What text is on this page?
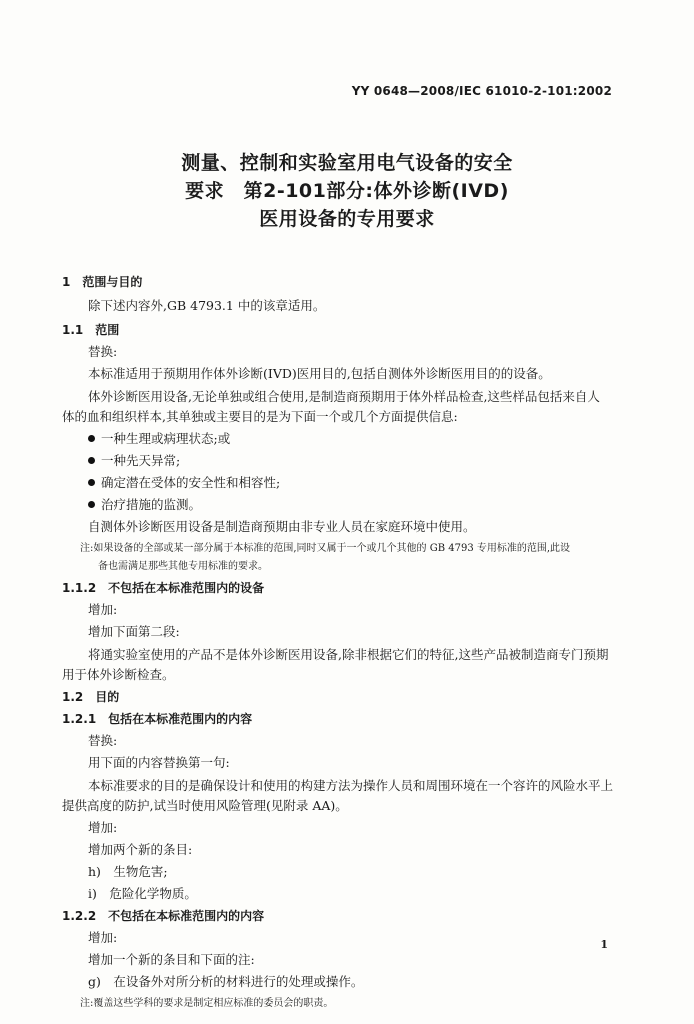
YY 0648—2008/IEC 61010-2-101:2002
测量、控制和实验室用电气设备的安全
要求　第2-101部分:体外诊断(IVD)
医用设备的专用要求
1　范围与目的
除下述内容外,GB 4793.1 中的该章适用。
1.1　范围
替换:
本标准适用于预期用作体外诊断(IVD)医用目的,包括自测体外诊断医用目的的设备。
体外诊断医用设备,无论单独或组合使用,是制造商预期用于体外样品检查,这些样品包括来自人
体的血和组织样本,其单独或主要目的是为下面一个或几个方面提供信息:
一种生理或病理状态;或
一种先天异常;
确定潜在受体的安全性和相容性;
治疗措施的监测。
自测体外诊断医用设备是制造商预期由非专业人员在家庭环境中使用。
注:如果设备的全部或某一部分属于本标准的范围,同时又属于一个或几个其他的 GB 4793 专用标准的范围,此设
备也需满足那些其他专用标准的要求。
1.1.2　不包括在本标准范围内的设备
增加:
增加下面第二段:
将通实验室使用的产品不是体外诊断医用设备,除非根据它们的特征,这些产品被制造商专门预期
用于体外诊断检查。
1.2　目的
1.2.1　包括在本标准范围内的内容
替换:
用下面的内容替换第一句:
本标准要求的目的是确保设计和使用的构建方法为操作人员和周围环境在一个容许的风险水平上
提供高度的防护,试当时使用风险管理(见附录 AA)。
增加:
增加两个新的条目:
h)　生物危害;
i)　危险化学物质。
1.2.2　不包括在本标准范围内的内容
增加:
增加一个新的条目和下面的注:
g)　在设备外对所分析的材料进行的处理或操作。
注:覆盖这些学科的要求是制定相应标准的委员会的职责。
1
